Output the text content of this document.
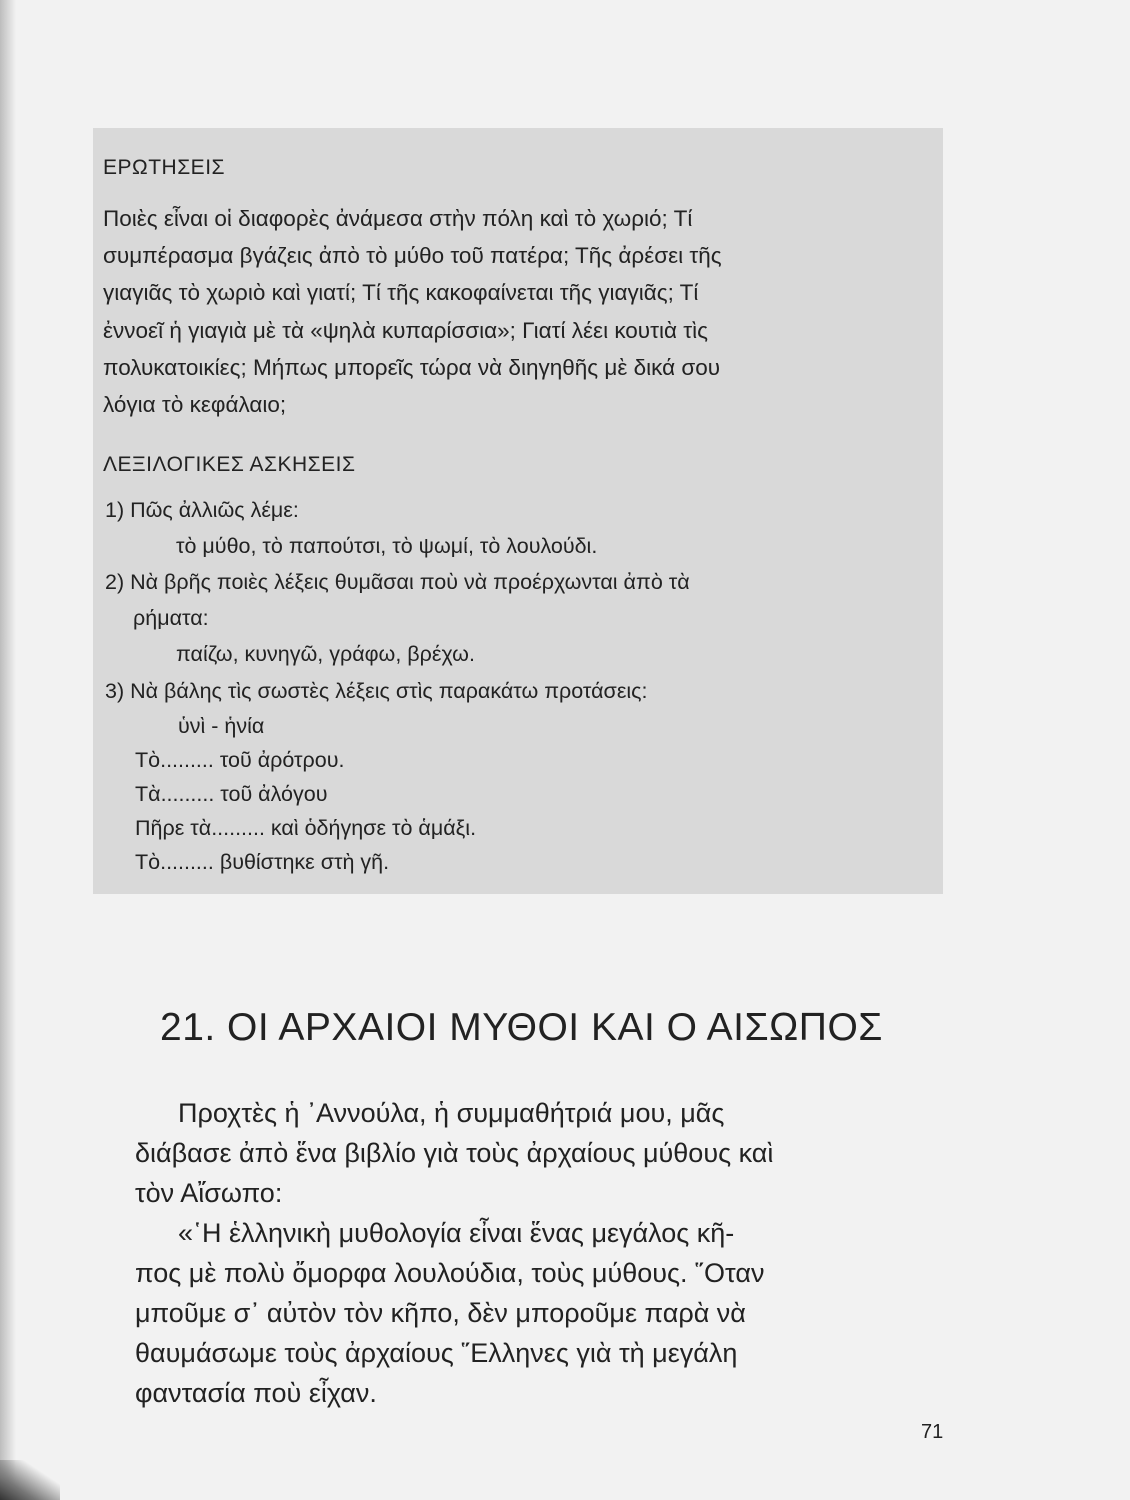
ΕΡΩΤΗΣΕΙΣ
Ποιὲς εἶναι οἱ διαφορὲς ἀνάμεσα στὴν πόλη καὶ τὸ χωριό; Τί
συμπέρασμα βγάζεις ἀπὸ τὸ μύθο τοῦ πατέρα; Τῆς ἀρέσει τῆς
γιαγιᾶς τὸ χωριὸ καὶ γιατί; Τί τῆς κακοφαίνεται τῆς γιαγιᾶς; Τί
ἐννοεῖ ἡ γιαγιὰ μὲ τὰ «ψηλὰ κυπαρίσσια»; Γιατί λέει κουτιὰ τὶς
πολυκατοικίες; Μήπως μπορεῖς τώρα νὰ διηγηθῆς μὲ δικά σου
λόγια τὸ κεφάλαιο;
ΛΕΞΙΛΟΓΙΚΕΣ ΑΣΚΗΣΕΙΣ
1) Πῶς ἀλλιῶς λέμε:
τὸ μύθο, τὸ παπούτσι, τὸ ψωμί, τὸ λουλούδι.
2) Νὰ βρῆς ποιὲς λέξεις θυμᾶσαι ποὺ νὰ προέρχωνται ἀπὸ τὰ
ρήματα:
παίζω, κυνηγῶ, γράφω, βρέχω.
3) Νὰ βάλης τὶς σωστὲς λέξεις στὶς παρακάτω προτάσεις:
ὑνὶ - ἡνία
Τὸ......... τοῦ ἀρότρου.
Τὰ......... τοῦ ἀλόγου
Πῆρε τὰ......... καὶ ὁδήγησε τὸ ἁμάξι.
Τὸ......... βυθίστηκε στὴ γῆ.
21. ΟΙ ΑΡΧΑΙΟΙ ΜΥΘΟΙ ΚΑΙ Ο ΑΙΣΩΠΟΣ
Προχτὲς ἡ ᾿Αννούλα, ἡ συμμαθήτριά μου, μᾶς
διάβασε ἀπὸ ἕνα βιβλίο γιὰ τοὺς ἀρχαίους μύθους καὶ
τὸν Αἴσωπο:
«῾Η ἑλληνικὴ μυθολογία εἶναι ἕνας μεγάλος κῆ-
πος μὲ πολὺ ὄμορφα λουλούδια, τοὺς μύθους. ῞Οταν
μποῦμε σ᾿ αὐτὸν τὸν κῆπο, δὲν μποροῦμε παρὰ νὰ
θαυμάσωμε τοὺς ἀρχαίους ῞Ελληνες γιὰ τὴ μεγάλη
φαντασία ποὺ εἶχαν.
71
